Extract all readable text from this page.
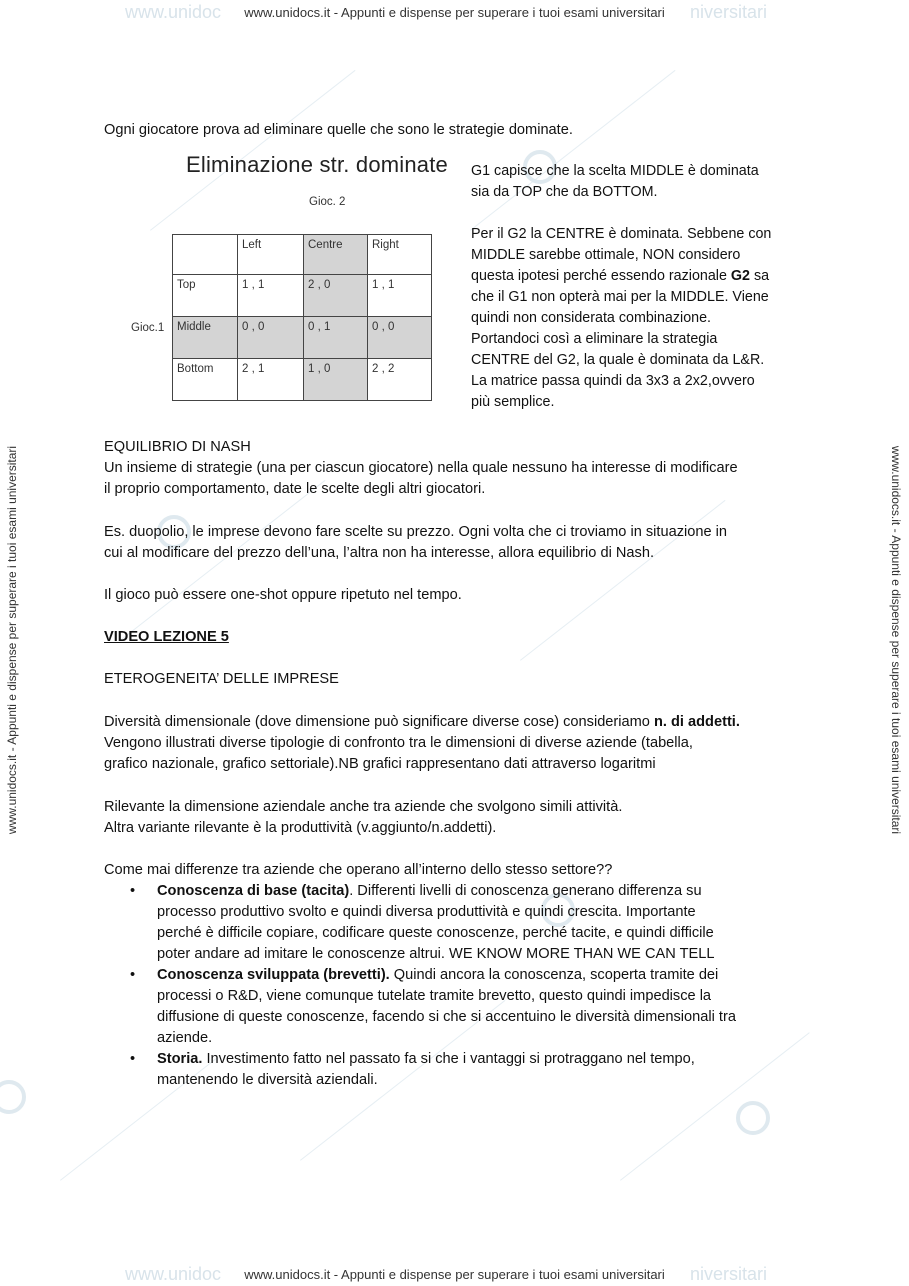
www.unidoc	niversitari
www.unidocs.it - Appunti e dispense per superare i tuoi esami universitari
www.unidoc	niversitari
www.unidocs.it - Appunti e dispense per superare i tuoi esami universitari
www.unidocs.it - Appunti e dispense per superare i tuoi esami universitari	www.unidocs.it - Appunti e dispense per superare i tuoi esami universitari
Ogni giocatore prova ad eliminare quelle che sono le strategie dominate.
Eliminazione str. dominate
Gioc. 2
Gioc.1
	Left	Centre	Right
Top	1 , 1	2 , 0	1 , 1
Middle	0 , 0	0 , 1	0 , 0
Bottom	2 , 1	1 , 0	2 , 2
G1 capisce che la scelta MIDDLE è dominata
sia da TOP che da BOTTOM.
Per il G2 la CENTRE è dominata. Sebbene con
MIDDLE sarebbe ottimale, NON considero
questa ipotesi perché essendo razionale G2 sa
che il G1 non opterà mai per la MIDDLE. Viene
quindi non considerata combinazione.
Portandoci così a eliminare la strategia
CENTRE del G2, la quale è dominata da L&R.
La matrice passa quindi da 3x3 a 2x2,ovvero
più semplice.
EQUILIBRIO DI NASH
Un insieme di strategie (una per ciascun giocatore) nella quale nessuno ha interesse di modificare
il proprio comportamento, date le scelte degli altri giocatori.
Es. duopolio, le imprese devono fare scelte su prezzo. Ogni volta che ci troviamo in situazione in
cui al modificare del prezzo dell’una, l’altra non ha interesse, allora equilibrio di Nash.
Il gioco può essere one-shot oppure ripetuto nel tempo.
VIDEO LEZIONE 5
ETEROGENEITA’ DELLE IMPRESE
Diversità dimensionale (dove dimensione può significare diverse cose) consideriamo n. di addetti.
Vengono illustrati diverse tipologie di confronto tra le dimensioni di diverse aziende (tabella,
grafico nazionale, grafico settoriale).NB grafici rappresentano dati attraverso logaritmi
Rilevante la dimensione aziendale anche tra aziende che svolgono simili attività.
Altra variante rilevante è la produttività (v.aggiunto/n.addetti).
Come mai differenze tra aziende che operano all’interno dello stesso settore??
• Conoscenza di base (tacita). Differenti livelli di conoscenza generano differenza su
processo produttivo svolto e quindi diversa produttività e quindi crescita. Importante
perché è difficile copiare, codificare queste conoscenze, perché tacite, e quindi difficile
poter andare ad imitare le conoscenze altrui. WE KNOW MORE THAN WE CAN TELL
• Conoscenza sviluppata (brevetti). Quindi ancora la conoscenza, scoperta tramite dei
processi o R&D, viene comunque tutelate tramite brevetto, questo quindi impedisce la
diffusione di queste conoscenze, facendo si che si accentuino le diversità dimensionali tra
aziende.
• Storia. Investimento fatto nel passato fa si che i vantaggi si protraggano nel tempo,
mantenendo le diversità aziendali.
